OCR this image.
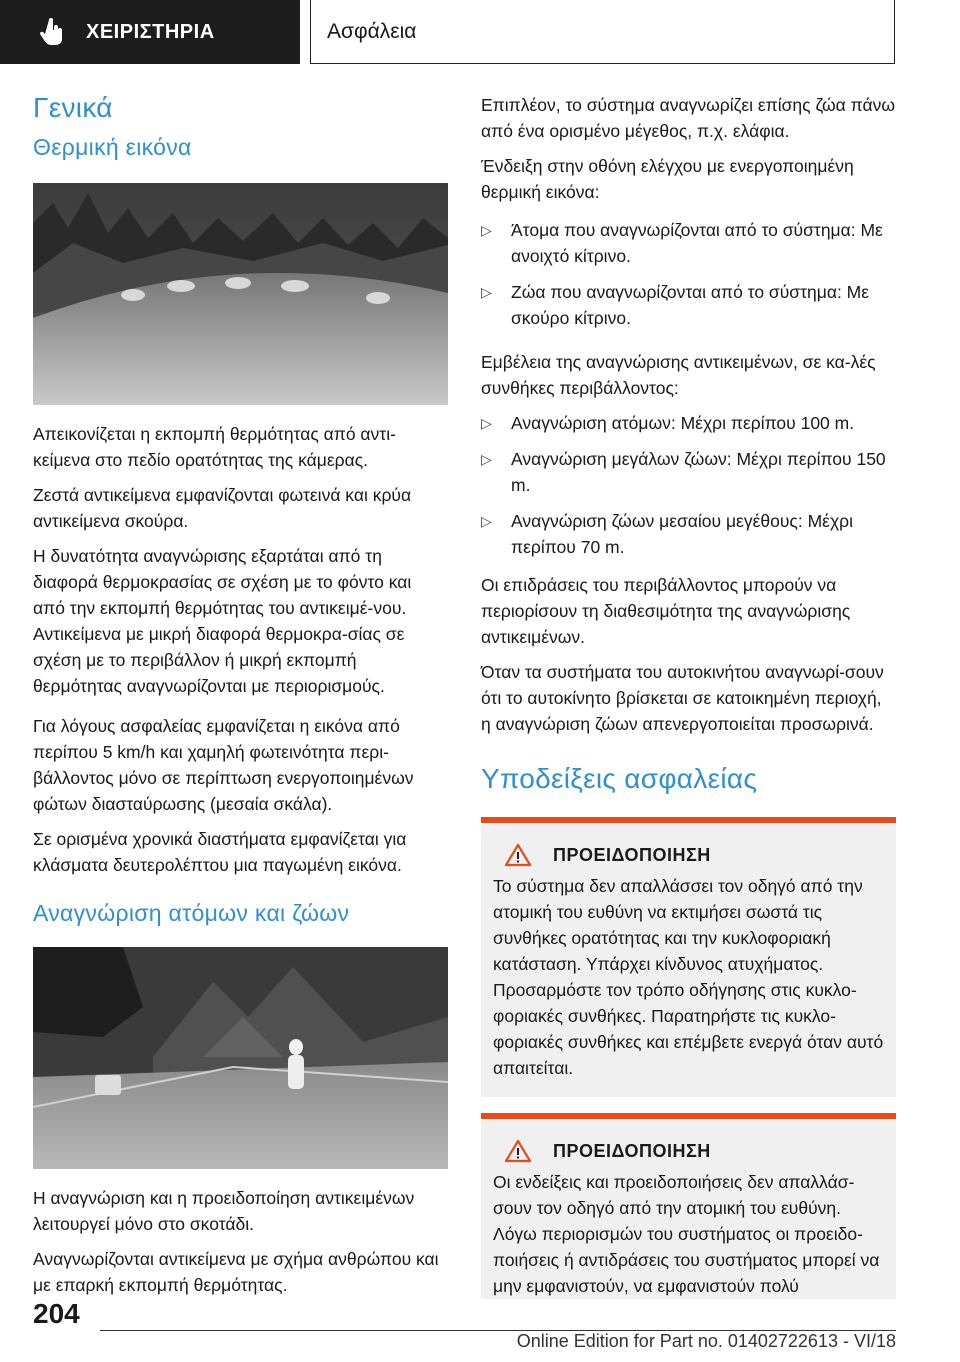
ΧΕΙΡΙΣΤΗΡΙΑ	Ασφάλεια
Γενικά
Θερμική εικόνα

Απεικονίζεται η εκπομπή θερμότητας από αντι-κείμενα στο πεδίο ορατότητας της κάμερας.

Ζεστά αντικείμενα εμφανίζονται φωτεινά και κρύα αντικείμενα σκούρα.

Η δυνατότητα αναγνώρισης εξαρτάται από τη διαφορά θερμοκρασίας σε σχέση με το φόντο και από την εκπομπή θερμότητας του αντικειμέ-νου. Αντικείμενα με μικρή διαφορά θερμοκρα-σίας σε σχέση με το περιβάλλον ή μικρή εκπομπή θερμότητας αναγνωρίζονται με περιορισμούς.

Για λόγους ασφαλείας εμφανίζεται η εικόνα από περίπου 5 km/h και χαμηλή φωτεινότητα περι-βάλλοντος μόνο σε περίπτωση ενεργοποιημένων φώτων διασταύρωσης (μεσαία σκάλα).

Σε ορισμένα χρονικά διαστήματα εμφανίζεται για κλάσματα δευτερολέπτου μια παγωμένη εικόνα.

Αναγνώριση ατόμων και ζώων

Η αναγνώριση και η προειδοποίηση αντικειμένων λειτουργεί μόνο στο σκοτάδι.

Αναγνωρίζονται αντικείμενα με σχήμα ανθρώπου και με επαρκή εκπομπή θερμότητας.

Επιπλέον, το σύστημα αναγνωρίζει επίσης ζώα πάνω από ένα ορισμένο μέγεθος, π.χ. ελάφια.

Ένδειξη στην οθόνη ελέγχου με ενεργοποιημένη θερμική εικόνα:

▷ Άτομα που αναγνωρίζονται από το σύστημα: Με ανοιχτό κίτρινο.
▷ Ζώα που αναγνωρίζονται από το σύστημα: Με σκούρο κίτρινο.

Εμβέλεια της αναγνώρισης αντικειμένων, σε κα-λές συνθήκες περιβάλλοντος:

▷ Αναγνώριση ατόμων: Μέχρι περίπου 100 m.
▷ Αναγνώριση μεγάλων ζώων: Μέχρι περίπου 150 m.
▷ Αναγνώριση ζώων μεσαίου μεγέθους: Μέχρι περίπου 70 m.

Οι επιδράσεις του περιβάλλοντος μπορούν να περιορίσουν τη διαθεσιμότητα της αναγνώρισης αντικειμένων.

Όταν τα συστήματα του αυτοκινήτου αναγνωρί-σουν ότι το αυτοκίνητο βρίσκεται σε κατοικημένη περιοχή, η αναγνώριση ζώων απενεργοποιείται προσωρινά.

Υποδείξεις ασφαλείας
ΠΡΟΕΙΔΟΠΟΙΗΣΗ

Το σύστημα δεν απαλλάσσει τον οδηγό από την ατομική του ευθύνη να εκτιμήσει σωστά τις συνθήκες ορατότητας και την κυκλοφοριακή κατάσταση. Υπάρχει κίνδυνος ατυχήματος. Προσαρμόστε τον τρόπο οδήγησης στις κυκλο-φοριακές συνθήκες. Παρατηρήστε τις κυκλο-φοριακές συνθήκες και επέμβετε ενεργά όταν αυτό απαιτείται.

ΠΡΟΕΙΔΟΠΟΙΗΣΗ

Οι ενδείξεις και προειδοποιήσεις δεν απαλλάσ-σουν τον οδηγό από την ατομική του ευθύνη. Λόγω περιορισμών του συστήματος οι προειδο-ποιήσεις ή αντιδράσεις του συστήματος μπορεί να μην εμφανιστούν, να εμφανιστούν πολύ

204
Online Edition for Part no. 01402722613 - VI/18
